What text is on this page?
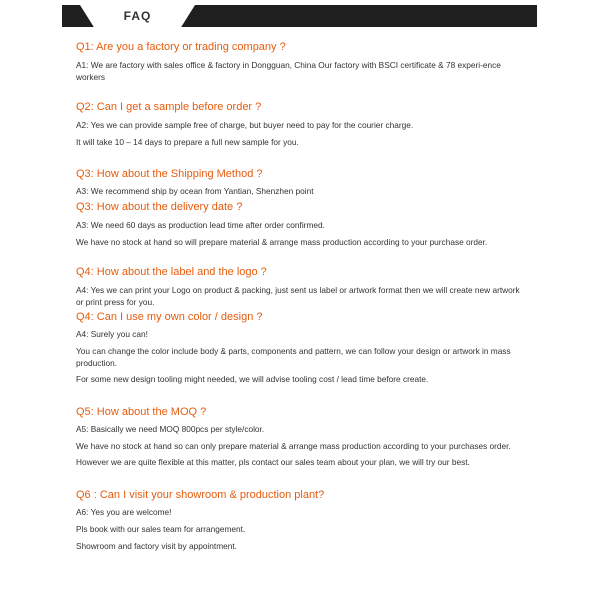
FAQ

Q1: Are you a factory or trading company ?

A1: We are factory with sales office & factory in Dongguan, China Our factory with BSCI certificate & 78 experi-ence workers

Q2: Can I get a sample before order ?

A2: Yes we can provide sample free of charge, but buyer need to pay for the courier charge.

It will take 10 – 14 days to prepare a full new sample for you.

Q3: How about the Shipping Method ?

A3: We recommend ship by ocean from Yantian, Shenzhen point

Q3: How about the delivery date ?

A3: We need 60 days as production lead time after order confirmed.

We have no stock at hand so will prepare material & arrange mass production according to your purchase order.

Q4: How about the label and the logo ?

A4: Yes we can print your Logo on product & packing, just sent us label or artwork format then we will create new artwork or print press for you.

Q4: Can I use my own color / design ?

A4: Surely you can!

You can change the color include body & parts, components and pattern, we can follow your design or artwork in mass production.

For some new design tooling might needed, we will advise tooling cost / lead time before create.

Q5: How about the MOQ ?

A5: Basically we need MOQ 800pcs per style/color.

We have no stock at hand so can only prepare material & arrange mass production according to your purchases order.

However we are quite flexible at this matter, pls contact our sales team about your plan, we will try our best.

Q6 : Can I visit your showroom & production plant?

A6: Yes you are welcome!

Pls book with our sales team for arrangement.

Showroom and factory visit by appointment.
